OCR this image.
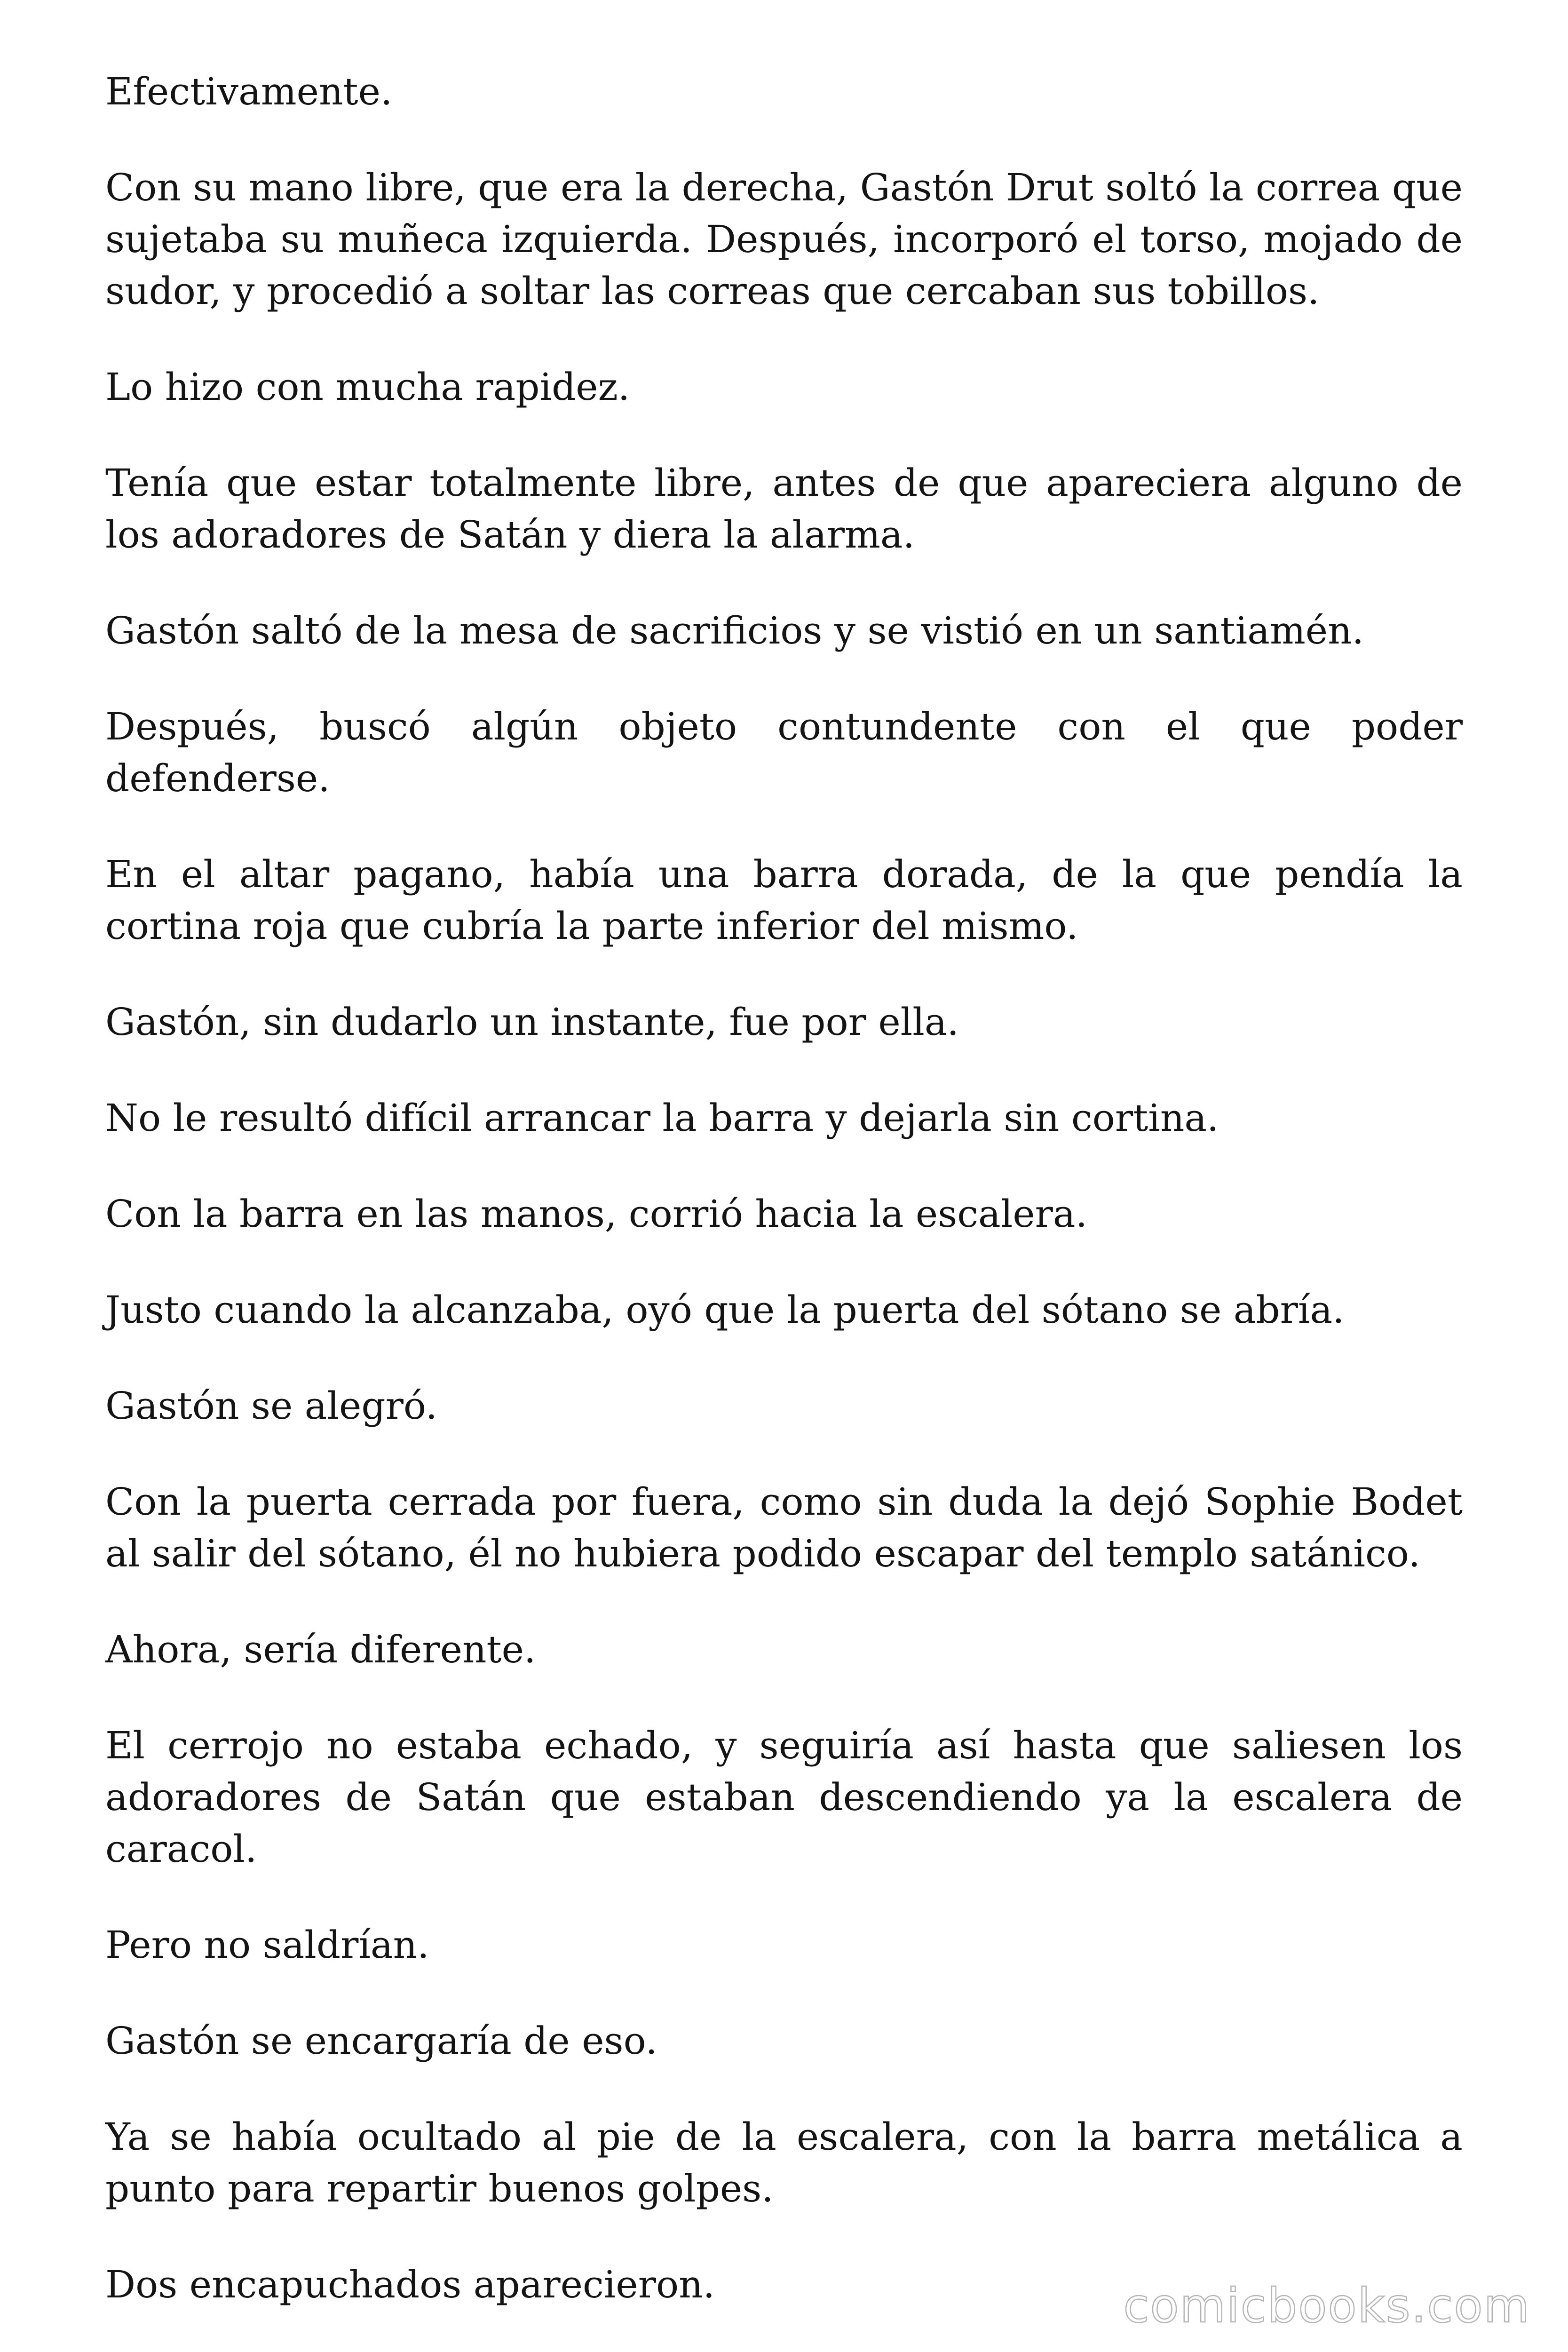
Efectivamente.

Con su mano libre, que era la derecha, Gastón Drut soltó la correa que sujetaba su muñeca izquierda. Después, incorporó el torso, mojado de sudor, y procedió a soltar las correas que cercaban sus tobillos.

Lo hizo con mucha rapidez.

Tenía que estar totalmente libre, antes de que apareciera alguno de los adoradores de Satán y diera la alarma.

Gastón saltó de la mesa de sacrificios y se vistió en un santiamén.

Después, buscó algún objeto contundente con el que poder defenderse.

En el altar pagano, había una barra dorada, de la que pendía la cortina roja que cubría la parte inferior del mismo.

Gastón, sin dudarlo un instante, fue por ella.

No le resultó difícil arrancar la barra y dejarla sin cortina.

Con la barra en las manos, corrió hacia la escalera.

Justo cuando la alcanzaba, oyó que la puerta del sótano se abría.

Gastón se alegró.

Con la puerta cerrada por fuera, como sin duda la dejó Sophie Bodet al salir del sótano, él no hubiera podido escapar del templo satánico.

Ahora, sería diferente.

El cerrojo no estaba echado, y seguiría así hasta que saliesen los adoradores de Satán que estaban descendiendo ya la escalera de caracol.

Pero no saldrían.

Gastón se encargaría de eso.

Ya se había ocultado al pie de la escalera, con la barra metálica a punto para repartir buenos golpes.

Dos encapuchados aparecieron.	comicbooks.com
